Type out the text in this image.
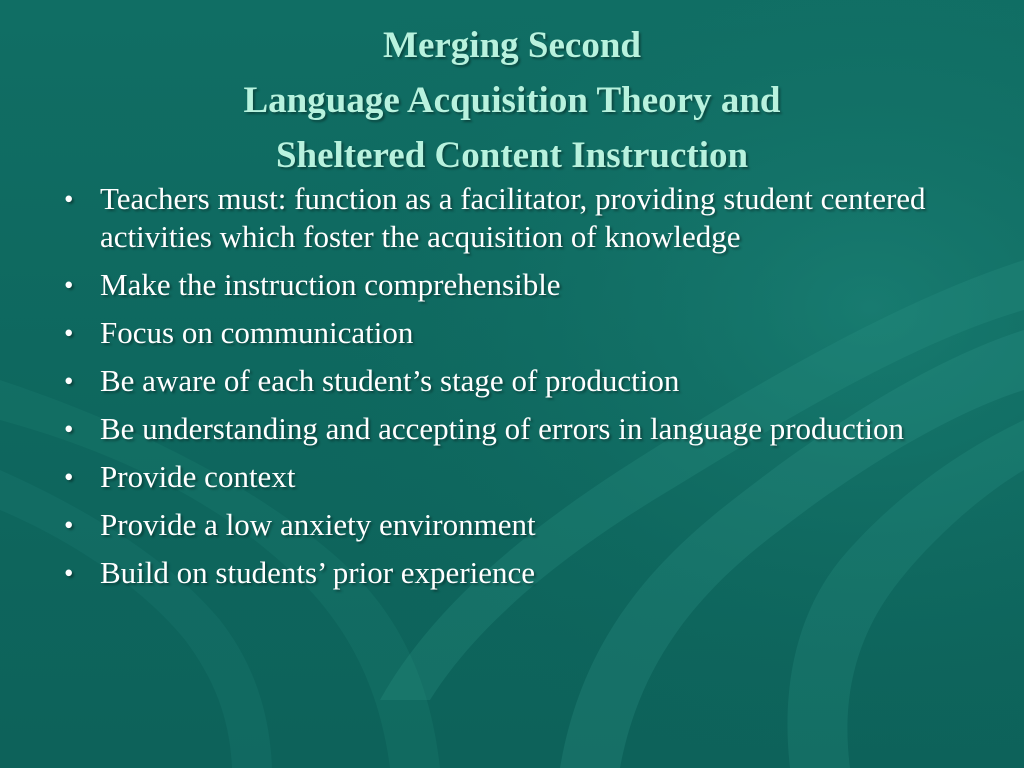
Merging Second
Language Acquisition Theory and
Sheltered Content Instruction
• Teachers must: function as a facilitator, providing student centered activities which foster the acquisition of knowledge
• Make the instruction comprehensible
• Focus on communication
• Be aware of each student’s stage of production
• Be understanding and accepting of errors in language production
• Provide context
• Provide a low anxiety environment
• Build on students’ prior experience
